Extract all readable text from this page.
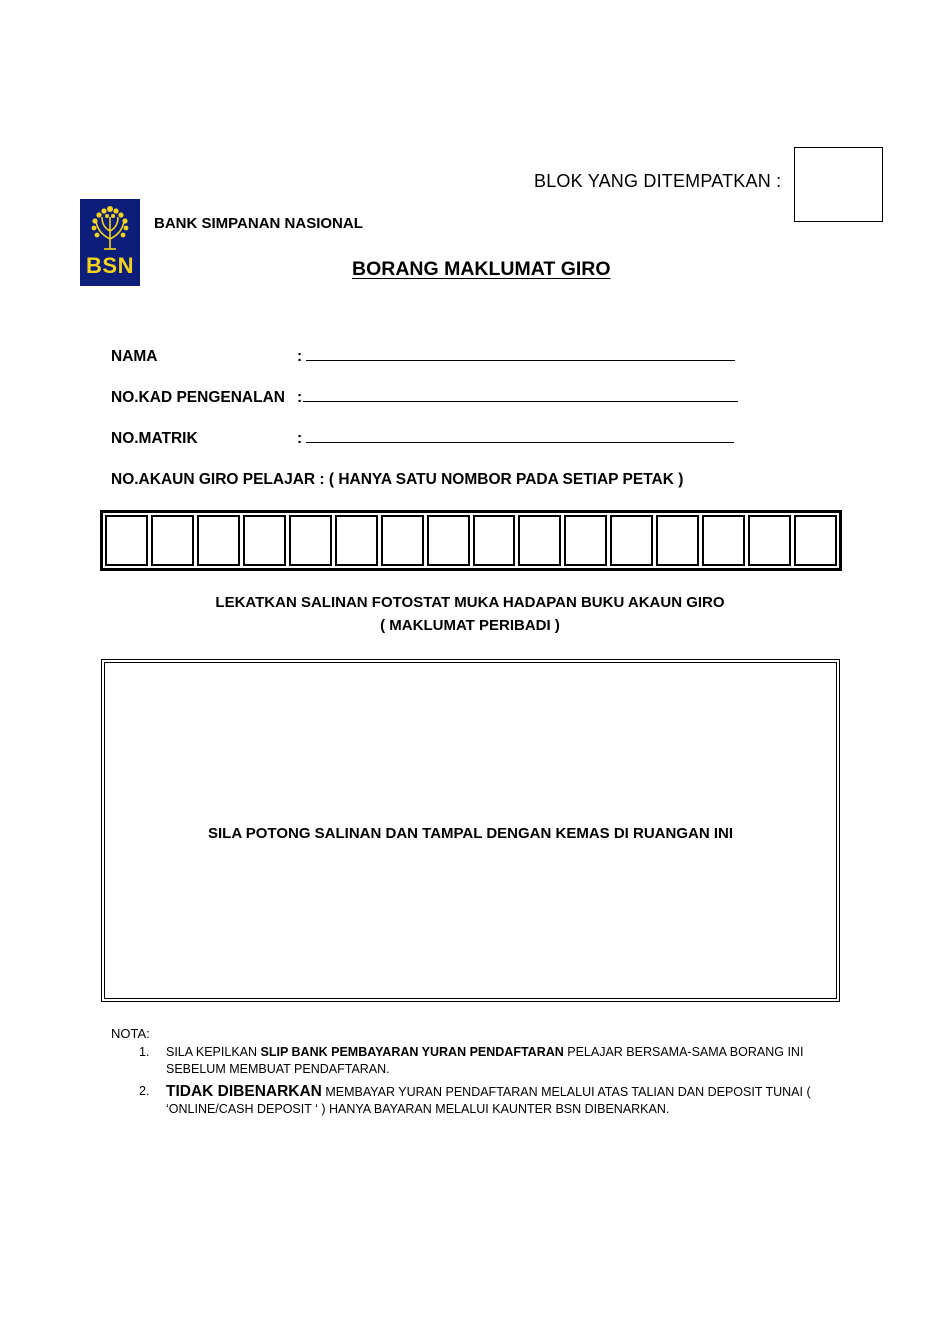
BLOK YANG DITEMPATKAN :
BSN
BANK SIMPANAN NASIONAL
BORANG MAKLUMAT GIRO
NAMA	:
NO.KAD PENGENALAN :
NO.MATRIK	:
NO.AKAUN GIRO PELAJAR : ( HANYA SATU NOMBOR PADA SETIAP PETAK )
LEKATKAN SALINAN FOTOSTAT MUKA HADAPAN BUKU AKAUN GIRO
( MAKLUMAT PERIBADI )
SILA POTONG SALINAN DAN TAMPAL DENGAN KEMAS DI RUANGAN INI
NOTA:
1.	SILA KEPILKAN SLIP BANK PEMBAYARAN YURAN PENDAFTARAN PELAJAR BERSAMA-SAMA BORANG INI SEBELUM MEMBUAT PENDAFTARAN.
2.	TIDAK DIBENARKAN MEMBAYAR YURAN PENDAFTARAN MELALUI ATAS TALIAN DAN DEPOSIT TUNAI ( ‘ONLINE/CASH DEPOSIT ‘ ) HANYA BAYARAN MELALUI KAUNTER BSN DIBENARKAN.
